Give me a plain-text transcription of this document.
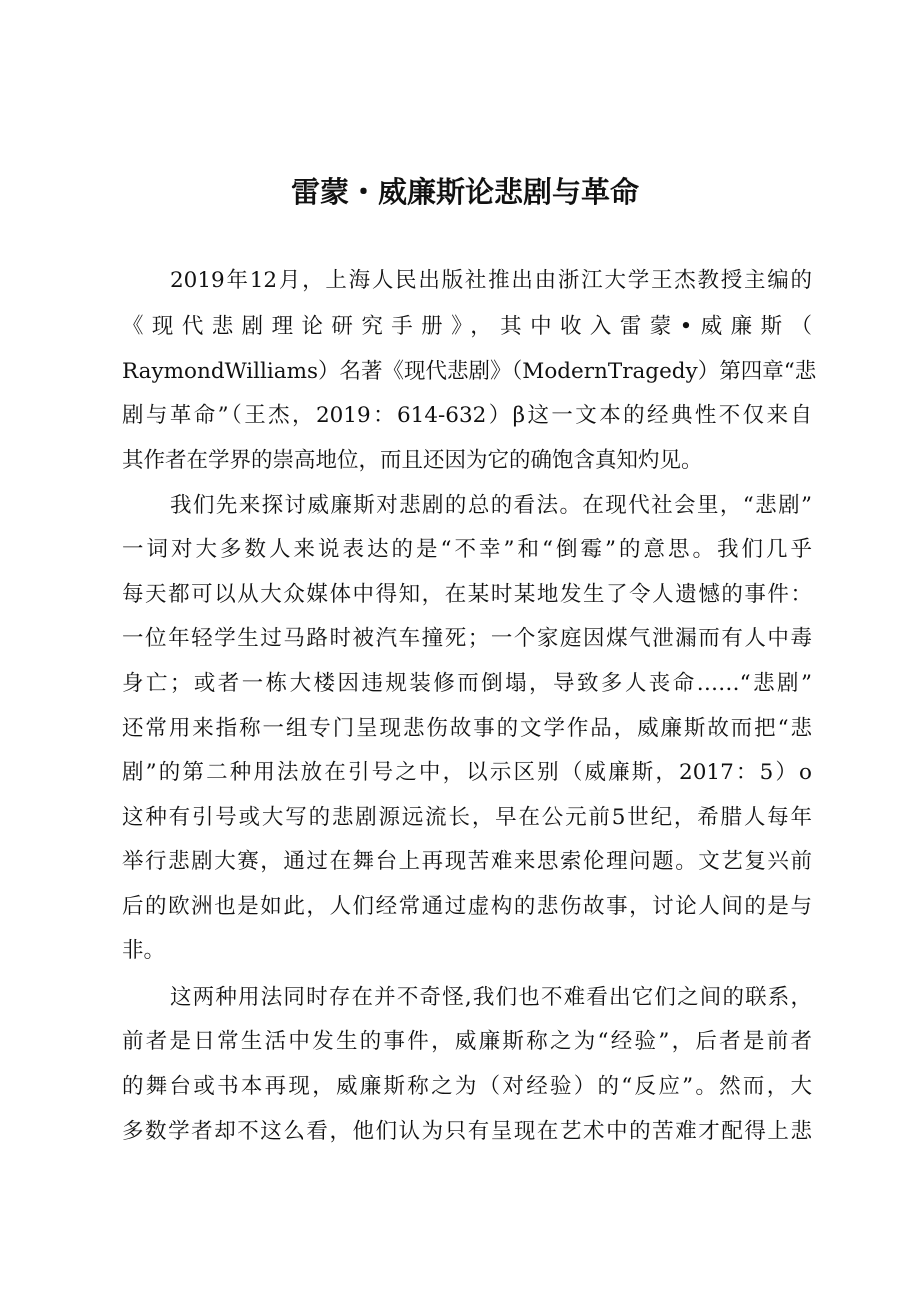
雷蒙・威廉斯论悲剧与革命

2019年12月，上海人民出版社推出由浙江大学王杰教授主编的

《现代悲剧理论研究手册》，其中收入雷蒙•威廉斯（

RaymondWilliams）名著《现代悲剧》（ModernTragedy）第四章“悲

剧与革命”（王杰，2019：614-632）β这一文本的经典性不仅来自

其作者在学界的崇高地位，而且还因为它的确饱含真知灼见。

我们先来探讨威廉斯对悲剧的总的看法。在现代社会里，“悲剧”

一词对大多数人来说表达的是“不幸”和“倒霉”的意思。我们几乎

每天都可以从大众媒体中得知，在某时某地发生了令人遗憾的事件：

一位年轻学生过马路时被汽车撞死；一个家庭因煤气泄漏而有人中毒

身亡；或者一栋大楼因违规装修而倒塌，导致多人丧命……“悲剧”

还常用来指称一组专门呈现悲伤故事的文学作品，威廉斯故而把“悲

剧”的第二种用法放在引号之中，以示区别（威廉斯，2017：5）o

这种有引号或大写的悲剧源远流长，早在公元前5世纪，希腊人每年

举行悲剧大赛，通过在舞台上再现苦难来思索伦理问题。文艺复兴前

后的欧洲也是如此，人们经常通过虚构的悲伤故事，讨论人间的是与

非。

这两种用法同时存在并不奇怪,我们也不难看出它们之间的联系，

前者是日常生活中发生的事件，威廉斯称之为“经验”，后者是前者

的舞台或书本再现，威廉斯称之为（对经验）的“反应”。然而，大

多数学者却不这么看，他们认为只有呈现在艺术中的苦难才配得上悲
